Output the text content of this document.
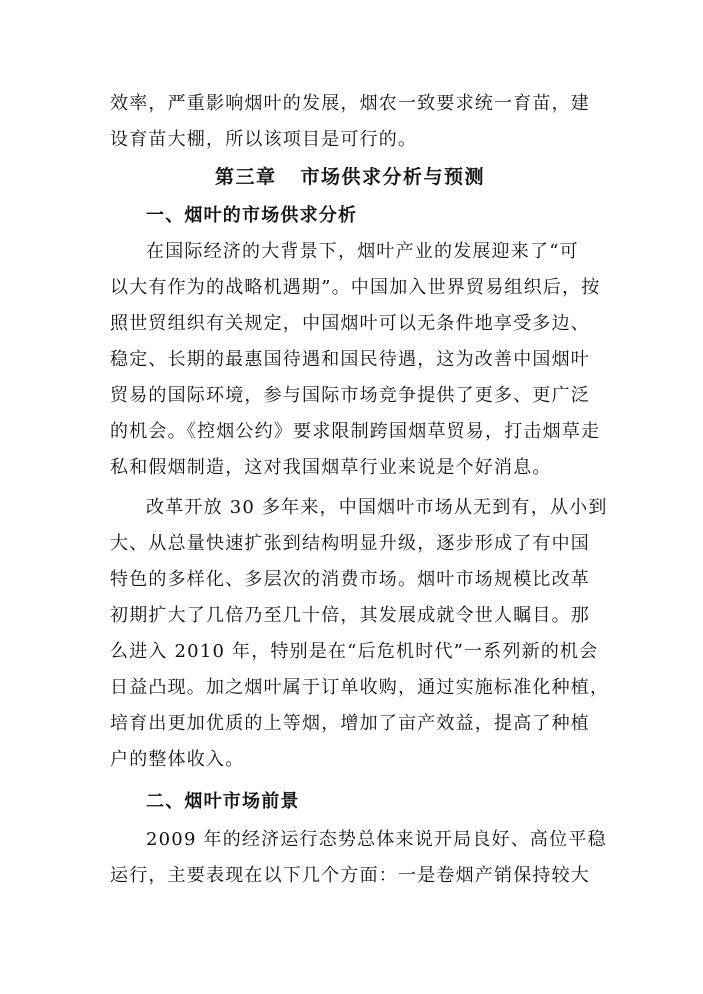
效率，严重影响烟叶的发展，烟农一致要求统一育苗，建
设育苗大棚，所以该项目是可行的。
第三章 市场供求分析与预测
一、烟叶的市场供求分析
在国际经济的大背景下，烟叶产业的发展迎来了“可
以大有作为的战略机遇期”。中国加入世界贸易组织后，按
照世贸组织有关规定，中国烟叶可以无条件地享受多边、
稳定、长期的最惠国待遇和国民待遇，这为改善中国烟叶
贸易的国际环境，参与国际市场竞争提供了更多、更广泛
的机会。《控烟公约》要求限制跨国烟草贸易，打击烟草走
私和假烟制造，这对我国烟草行业来说是个好消息。
改革开放 30 多年来，中国烟叶市场从无到有，从小到
大、从总量快速扩张到结构明显升级，逐步形成了有中国
特色的多样化、多层次的消费市场。烟叶市场规模比改革
初期扩大了几倍乃至几十倍，其发展成就令世人瞩目。那
么进入 2010 年，特别是在“后危机时代”一系列新的机会
日益凸现。加之烟叶属于订单收购，通过实施标准化种植，
培育出更加优质的上等烟，增加了亩产效益，提高了种植
户的整体收入。
二、烟叶市场前景
2009 年的经济运行态势总体来说开局良好、高位平稳
运行，主要表现在以下几个方面：一是卷烟产销保持较大
